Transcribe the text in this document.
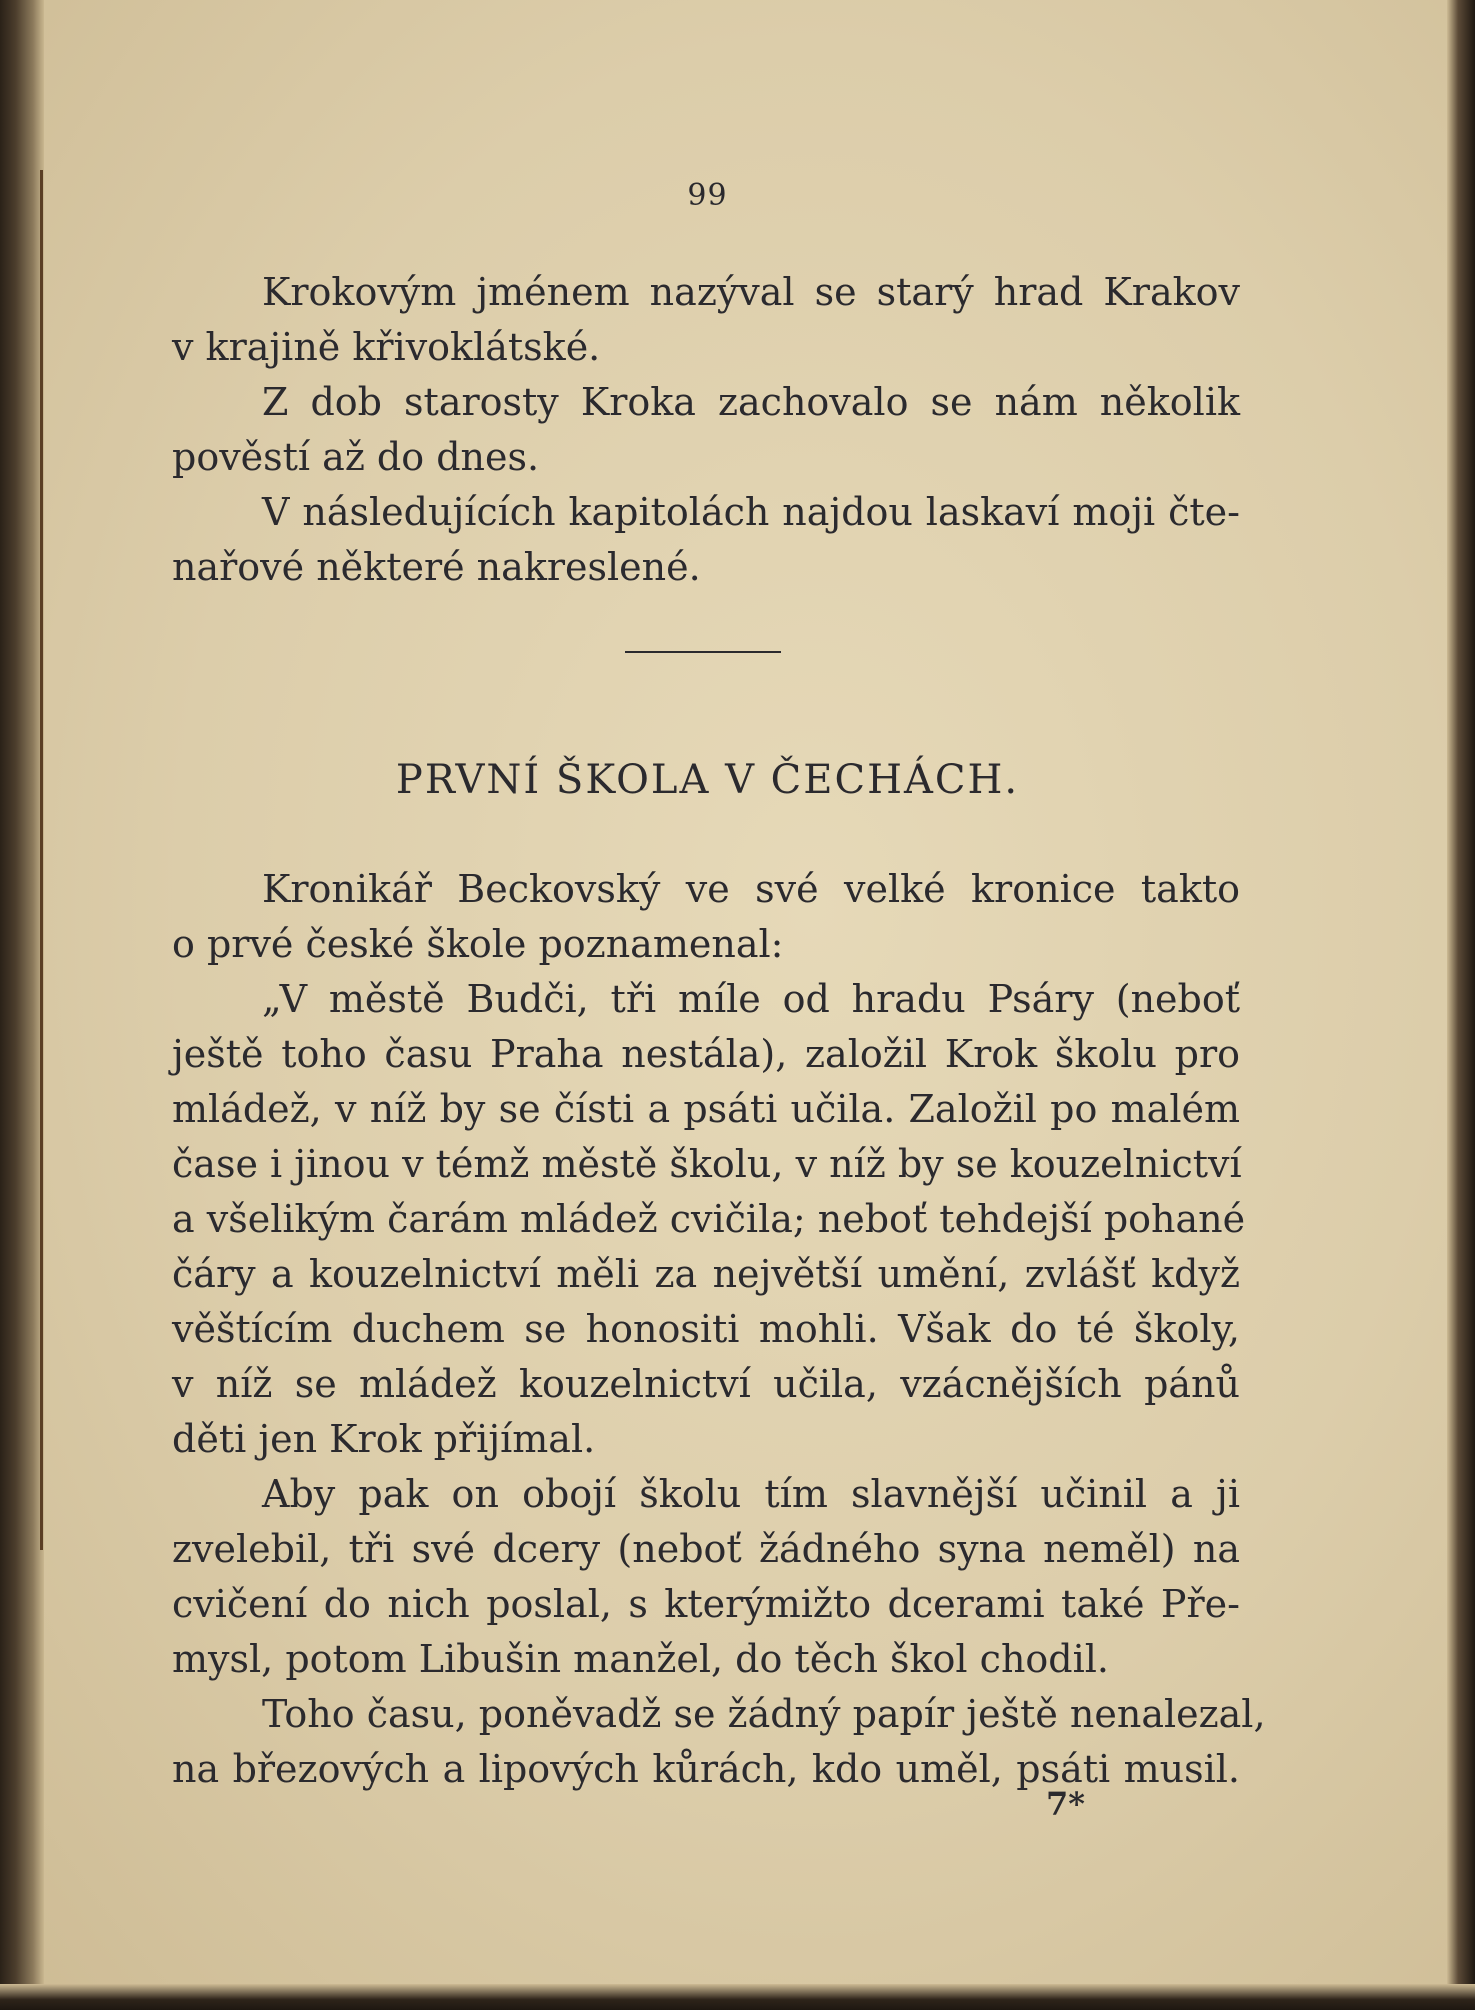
99
Krokovým jménem nazýval se starý hrad Krakov
v krajině křivoklátské.
Z dob starosty Kroka zachovalo se nám několik
pověstí až do dnes.
V následujících kapitolách najdou laskaví moji čte-
nařové některé nakreslené.
PRVNÍ ŠKOLA V ČECHÁCH.
Kronikář Beckovský ve své velké kronice takto
o prvé české škole poznamenal:
„V městě Budči, tři míle od hradu Psáry (neboť
ještě toho času Praha nestála), založil Krok školu pro
mládež, v níž by se čísti a psáti učila. Založil po malém
čase i jinou v témž městě školu, v níž by se kouzelnictví
a všelikým čarám mládež cvičila; neboť tehdejší pohané
čáry a kouzelnictví měli za největší umění, zvlášť když
věštícím duchem se honositi mohli. Však do té školy,
v níž se mládež kouzelnictví učila, vzácnějších pánů
děti jen Krok přijímal.
Aby pak on obojí školu tím slavnější učinil a ji
zvelebil, tři své dcery (neboť žádného syna neměl) na
cvičení do nich poslal, s kterýmižto dcerami také Pře-
mysl, potom Libušin manžel, do těch škol chodil.
Toho času, poněvadž se žádný papír ještě nenalezal,
na březových a lipových kůrách, kdo uměl, psáti musil.
7*
